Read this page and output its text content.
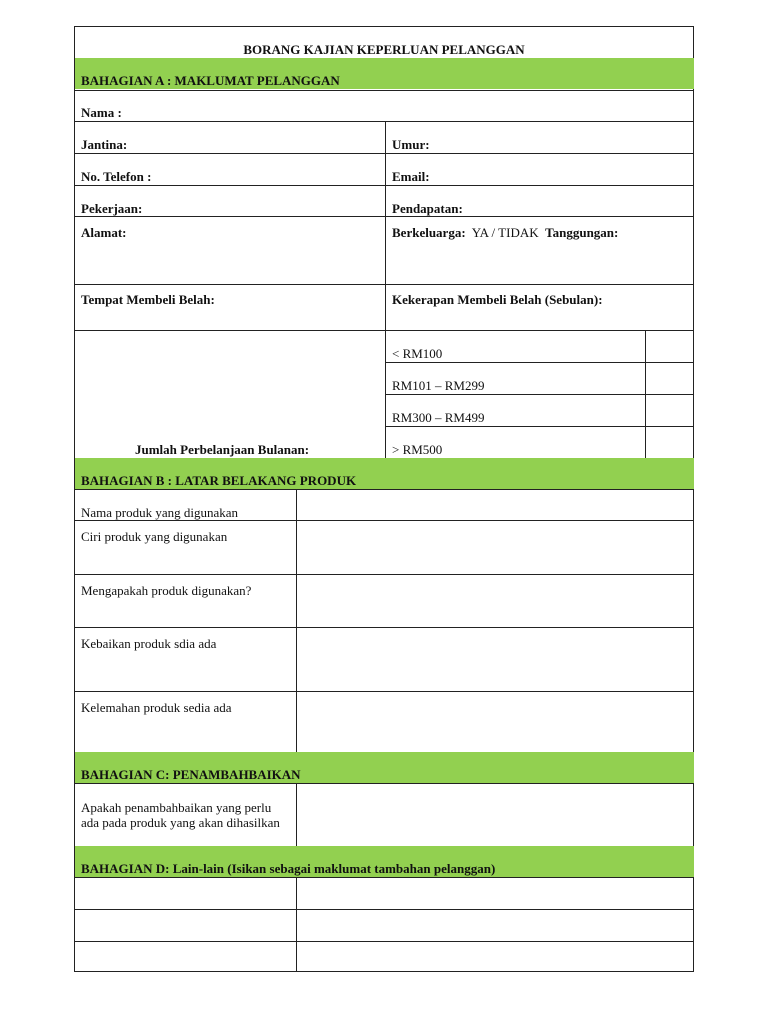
BORANG KAJIAN KEPERLUAN PELANGGAN
BAHAGIAN A : MAKLUMAT PELANGGAN
Nama :
Jantina:	Umur:
No. Telefon :	Email:
Pekerjaan:	Pendapatan:
Alamat:	Berkeluarga: YA / TIDAK Tanggungan:
Tempat Membeli Belah:	Kekerapan Membeli Belah (Sebulan):
Jumlah Perbelanjaan Bulanan:
< RM100
RM101 – RM299
RM300 – RM499
> RM500
BAHAGIAN B : LATAR BELAKANG PRODUK
Nama produk yang digunakan
Ciri produk yang digunakan
Mengapakah produk digunakan?
Kebaikan produk sdia ada
Kelemahan produk sedia ada
BAHAGIAN C: PENAMBAHBAIKAN
Apakah penambahbaikan yang perlu ada pada produk yang akan dihasilkan
BAHAGIAN D: Lain-lain (Isikan sebagai maklumat tambahan pelanggan)
